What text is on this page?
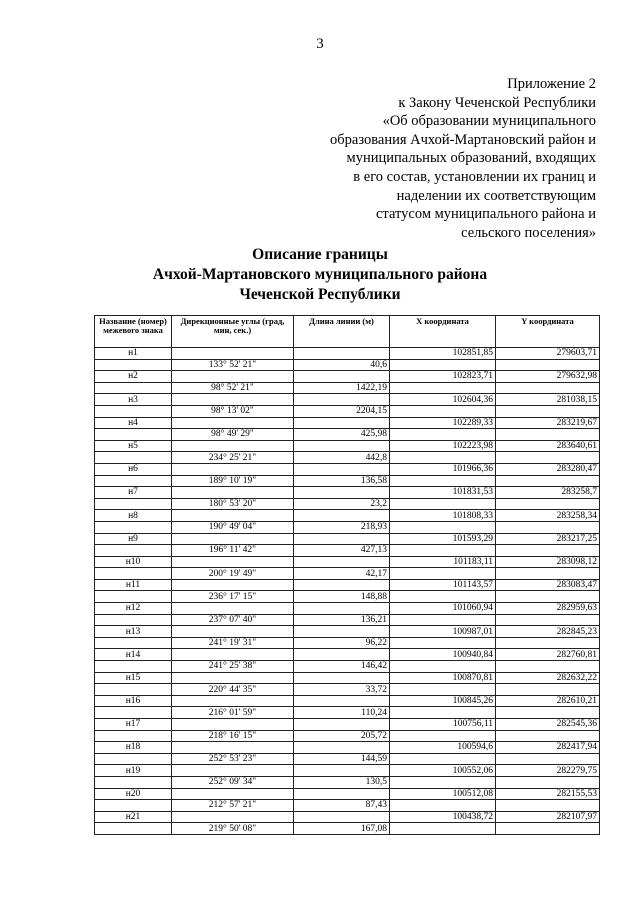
3
Приложение 2
к Закону Чеченской Республики
«Об образовании муниципального
образования Ачхой-Мартановский район и
муниципальных образований, входящих
в его состав, установлении их границ и
наделении их соответствующим
статусом муниципального района и
сельского поселения»
Описание границы
Ачхой-Мартановского муниципального района
Чеченской Республики
Название (номер) межевого знака	Дирекционные углы (град, мин, сек.)	Длина линии (м)	X координата	Y координата
н1			102851,85	279603,71
	133° 52' 21"	40,6		
н2			102823,71	279632,98
	98° 52' 21"	1422,19		
н3			102604,36	281038,15
	98° 13' 02"	2204,15		
н4			102289,33	283219,67
	98° 49' 29"	425,98		
н5			102223,98	283640,61
	234° 25' 21"	442,8		
н6			101966,36	283280,47
	189° 10' 19"	136,58		
н7			101831,53	283258,7
	180° 53' 20"	23,2		
н8			101808,33	283258,34
	190° 49' 04"	218,93		
н9			101593,29	283217,25
	196° 11' 42"	427,13		
н10			101183,11	283098,12
	200° 19' 49"	42,17		
н11			101143,57	283083,47
	236° 17' 15"	148,88		
н12			101060,94	282959,63
	237° 07' 40"	136,21		
н13			100987,01	282845,23
	241° 19' 31"	96,22		
н14			100940,84	282760,81
	241° 25' 38"	146,42		
н15			100870,81	282632,22
	220° 44' 35"	33,72		
н16			100845,26	282610,21
	216° 01' 59"	110,24		
н17			100756,11	282545,36
	218° 16' 15"	205,72		
н18			100594,6	282417,94
	252° 53' 23"	144,59		
н19			100552,06	282279,75
	252° 09' 34"	130,5		
н20			100512,08	282155,53
	212° 57' 21"	87,43		
н21			100438,72	282107,97
	219° 50' 08"	167,08		
